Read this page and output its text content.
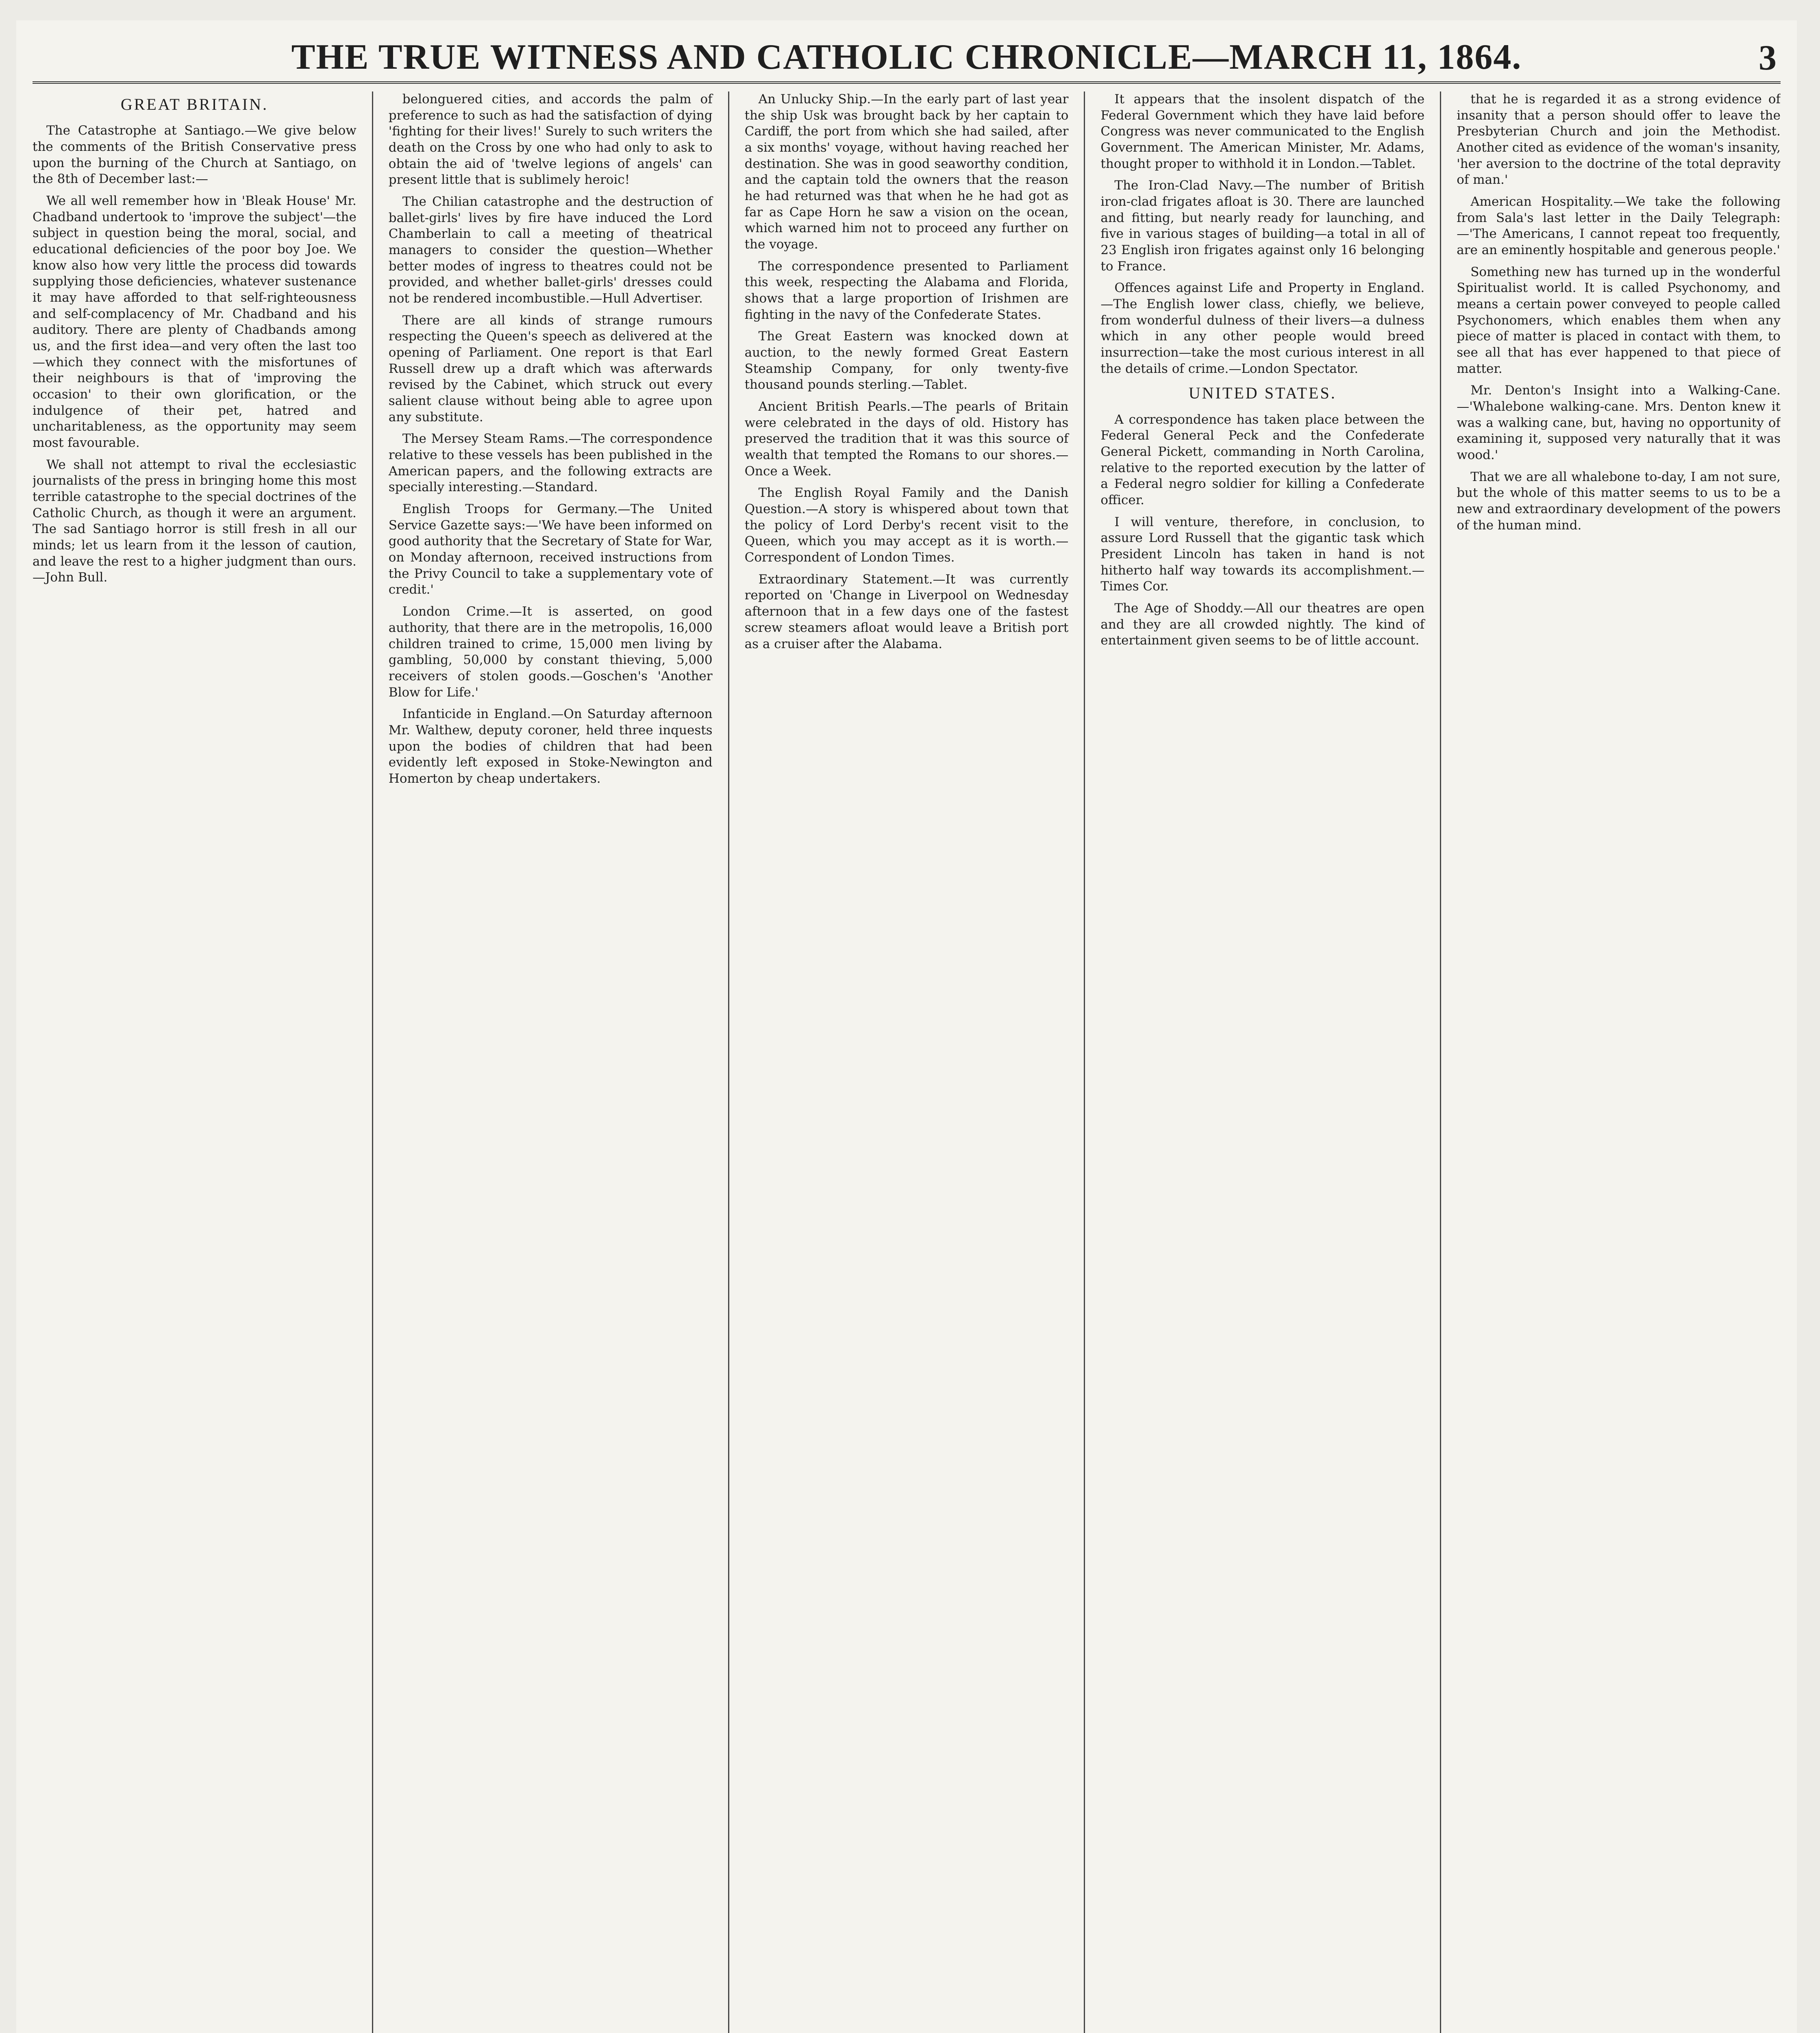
THE TRUE WITNESS AND CATHOLIC CHRONICLE—MARCH 11, 1864.	3
GREAT BRITAIN.

The Catastrophe at Santiago.—We give below the comments of the British Conservative press upon the burning of the Church at Santiago, on the 8th of December last:—

We all well remember how in 'Bleak House' Mr. Chadband undertook to 'improve the subject'—the subject in question being the moral, social, and educational deficiencies of the poor boy Joe. We know also how very little the process did towards supplying those deficiencies, whatever sustenance it may have afforded to that self-righteousness and self-complacency of Mr. Chadband and his auditory. There are plenty of Chadbands among us, and the first idea—and very often the last too—which they connect with the misfortunes of their neighbours is that of 'improving the occasion' to their own glorification, or the indulgence of their pet, hatred and uncharitableness, as the opportunity may seem most favourable.

We shall not attempt to rival the ecclesiastic journalists of the press in bringing home this most terrible catastrophe to the special doctrines of the Catholic Church, as though it were an argument. The sad Santiago horror is still fresh in all our minds; let us learn from it the lesson of caution, and leave the rest to a higher judgment than ours.—John Bull.

belonguered cities, and accords the palm of preference to such as had the satisfaction of dying 'fighting for their lives!' Surely to such writers the death on the Cross by one who had only to ask to obtain the aid of 'twelve legions of angels' can present little that is sublimely heroic!

The Chilian catastrophe and the destruction of ballet-girls' lives by fire have induced the Lord Chamberlain to call a meeting of theatrical managers to consider the question—Whether better modes of ingress to theatres could not be provided, and whether ballet-girls' dresses could not be rendered incombustible.—Hull Advertiser.

There are all kinds of strange rumours respecting the Queen's speech as delivered at the opening of Parliament. One report is that Earl Russell drew up a draft which was afterwards revised by the Cabinet, which struck out every salient clause without being able to agree upon any substitute.

The Mersey Steam Rams.—The correspondence relative to these vessels has been published in the American papers, and the following extracts are specially interesting.—Standard.

English Troops for Germany.—The United Service Gazette says:—'We have been informed on good authority that the Secretary of State for War, on Monday afternoon, received instructions from the Privy Council to take a supplementary vote of credit.'

London Crime.—It is asserted, on good authority, that there are in the metropolis, 16,000 children trained to crime, 15,000 men living by gambling, 50,000 by constant thieving, 5,000 receivers of stolen goods.—Goschen's 'Another Blow for Life.'

Infanticide in England.—On Saturday afternoon Mr. Walthew, deputy coroner, held three inquests upon the bodies of children that had been evidently left exposed in Stoke-Newington and Homerton by cheap undertakers.

An Unlucky Ship.—In the early part of last year the ship Usk was brought back by her captain to Cardiff, the port from which she had sailed, after a six months' voyage, without having reached her destination. She was in good seaworthy condition, and the captain told the owners that the reason he had returned was that when he he had got as far as Cape Horn he saw a vision on the ocean, which warned him not to proceed any further on the voyage.

The correspondence presented to Parliament this week, respecting the Alabama and Florida, shows that a large proportion of Irishmen are fighting in the navy of the Confederate States.

The Great Eastern was knocked down at auction, to the newly formed Great Eastern Steamship Company, for only twenty-five thousand pounds sterling.—Tablet.

Ancient British Pearls.—The pearls of Britain were celebrated in the days of old. History has preserved the tradition that it was this source of wealth that tempted the Romans to our shores.—Once a Week.

The English Royal Family and the Danish Question.—A story is whispered about town that the policy of Lord Derby's recent visit to the Queen, which you may accept as it is worth.—Correspondent of London Times.

Extraordinary Statement.—It was currently reported on 'Change in Liverpool on Wednesday afternoon that in a few days one of the fastest screw steamers afloat would leave a British port as a cruiser after the Alabama.

It appears that the insolent dispatch of the Federal Government which they have laid before Congress was never communicated to the English Government. The American Minister, Mr. Adams, thought proper to withhold it in London.—Tablet.

The Iron-Clad Navy.—The number of British iron-clad frigates afloat is 30. There are launched and fitting, but nearly ready for launching, and five in various stages of building—a total in all of 23 English iron frigates against only 16 belonging to France.

Offences against Life and Property in England.—The English lower class, chiefly, we believe, from wonderful dulness of their livers—a dulness which in any other people would breed insurrection—take the most curious interest in all the details of crime.—London Spectator.

UNITED STATES.

A correspondence has taken place between the Federal General Peck and the Confederate General Pickett, commanding in North Carolina, relative to the reported execution by the latter of a Federal negro soldier for killing a Confederate officer.

I will venture, therefore, in conclusion, to assure Lord Russell that the gigantic task which President Lincoln has taken in hand is not hitherto half way towards its accomplishment.—Times Cor.

The Age of Shoddy.—All our theatres are open and they are all crowded nightly. The kind of entertainment given seems to be of little account.

that he is regarded it as a strong evidence of insanity that a person should offer to leave the Presbyterian Church and join the Methodist. Another cited as evidence of the woman's insanity, 'her aversion to the doctrine of the total depravity of man.'

American Hospitality.—We take the following from Sala's last letter in the Daily Telegraph:—'The Americans, I cannot repeat too frequently, are an eminently hospitable and generous people.'

Something new has turned up in the wonderful Spiritualist world. It is called Psychonomy, and means a certain power conveyed to people called Psychonomers, which enables them when any piece of matter is placed in contact with them, to see all that has ever happened to that piece of matter.

Mr. Denton's Insight into a Walking-Cane.—'Whalebone walking-cane. Mrs. Denton knew it was a walking cane, but, having no opportunity of examining it, supposed very naturally that it was wood.'

That we are all whalebone to-day, I am not sure, but the whole of this matter seems to us to be a new and extraordinary development of the powers of the human mind.
